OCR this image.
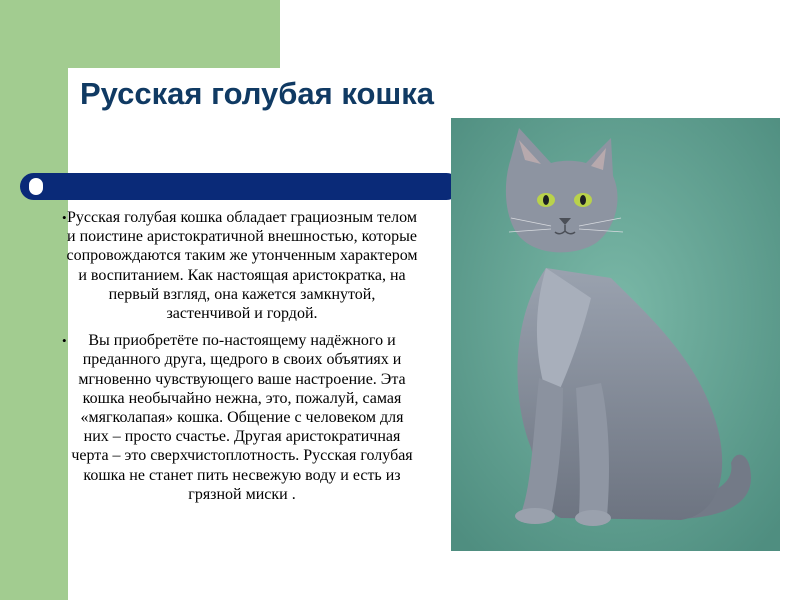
Русская голубая кошка
• Русская голубая кошка обладает грациозным телом и поистине аристократичной внешностью, которые сопровождаются таким же утонченным характером и воспитанием. Как настоящая аристократка, на первый взгляд, она кажется замкнутой, застенчивой и гордой.
• Вы приобретёте по-настоящему надёжного и преданного друга, щедрого в своих объятиях и мгновенно чувствующего ваше настроение. Эта кошка необычайно нежна, это, пожалуй, самая «мягколапая» кошка. Общение с человеком для них – просто счастье. Другая аристократичная черта – это сверхчистоплотность. Русская голубая кошка не станет пить несвежую воду и есть из грязной миски .
